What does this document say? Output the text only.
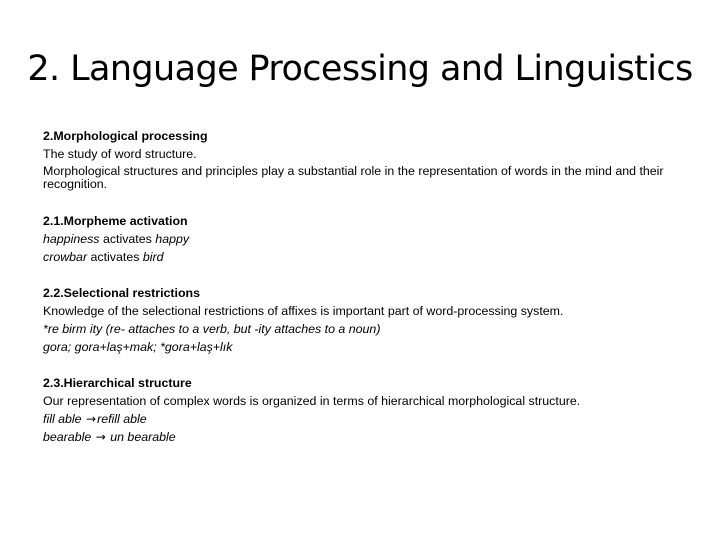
2. Language Processing and Linguistics
2.Morphological processing
The study of word structure.
Morphological structures and principles play a substantial role in the representation of words in the mind and their recognition.
2.1.Morpheme activation
happiness activates happy
crowbar activates bird
2.2.Selectional restrictions
Knowledge of the selectional restrictions of affixes is important part of word-processing system.
*re birm ity (re- attaches to a verb, but -ity attaches to a noun)
gora; gora+laş+mak; *gora+laş+lık
2.3.Hierarchical structure
Our representation of complex words is organized in terms of hierarchical morphological structure.
fill able →refill able
bearable → un bearable
